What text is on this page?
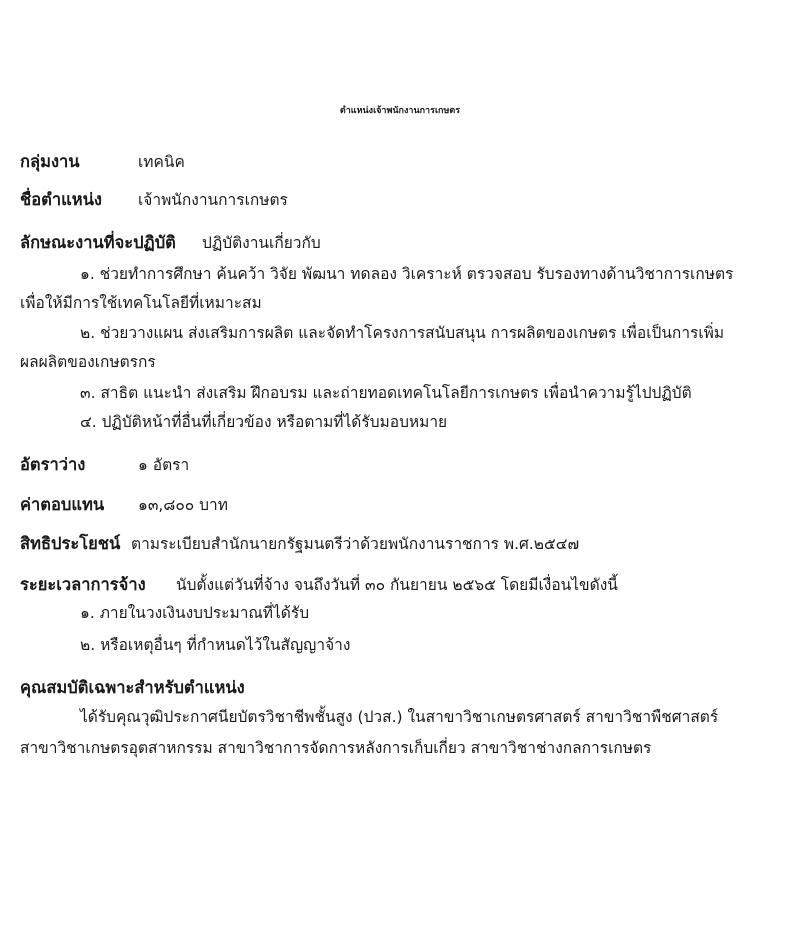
ตำแหน่งเจ้าพนักงานการเกษตร
กลุ่มงาน	เทคนิค
ชื่อตำแหน่ง เจ้าพนักงานการเกษตร
ลักษณะงานที่จะปฏิบัติ ปฏิบัติงานเกี่ยวกับ
๑. ช่วยทำการศึกษา ค้นคว้า วิจัย พัฒนา ทดลอง วิเคราะห์ ตรวจสอบ รับรองทางด้านวิชาการเกษตร
เพื่อให้มีการใช้เทคโนโลยีที่เหมาะสม
๒. ช่วยวางแผน ส่งเสริมการผลิต และจัดทำโครงการสนับสนุน การผลิตของเกษตร เพื่อเป็นการเพิ่ม
ผลผลิตของเกษตรกร
๓. สาธิต แนะนำ ส่งเสริม ฝึกอบรม และถ่ายทอดเทคโนโลยีการเกษตร เพื่อนำความรู้ไปปฏิบัติ
๔. ปฏิบัติหน้าที่อื่นที่เกี่ยวข้อง หรือตามที่ได้รับมอบหมาย
อัตราว่าง	๑ อัตรา
ค่าตอบแทน ๑๓,๘๐๐ บาท
สิทธิประโยชน์ ตามระเบียบสำนักนายกรัฐมนตรีว่าด้วยพนักงานราชการ พ.ศ.๒๕๔๗
ระยะเวลาการจ้าง นับตั้งแต่วันที่จ้าง จนถึงวันที่ ๓๐ กันยายน ๒๕๖๕ โดยมีเงื่อนไขดังนี้
๑. ภายในวงเงินงบประมาณที่ได้รับ
๒. หรือเหตุอื่นๆ ที่กำหนดไว้ในสัญญาจ้าง
คุณสมบัติเฉพาะสำหรับตำแหน่ง
ได้รับคุณวุฒิประกาศนียบัตรวิชาชีพชั้นสูง (ปวส.) ในสาขาวิชาเกษตรศาสตร์ สาขาวิชาพืชศาสตร์
สาขาวิชาเกษตรอุตสาหกรรม สาขาวิชาการจัดการหลังการเก็บเกี่ยว สาขาวิชาช่างกลการเกษตร
